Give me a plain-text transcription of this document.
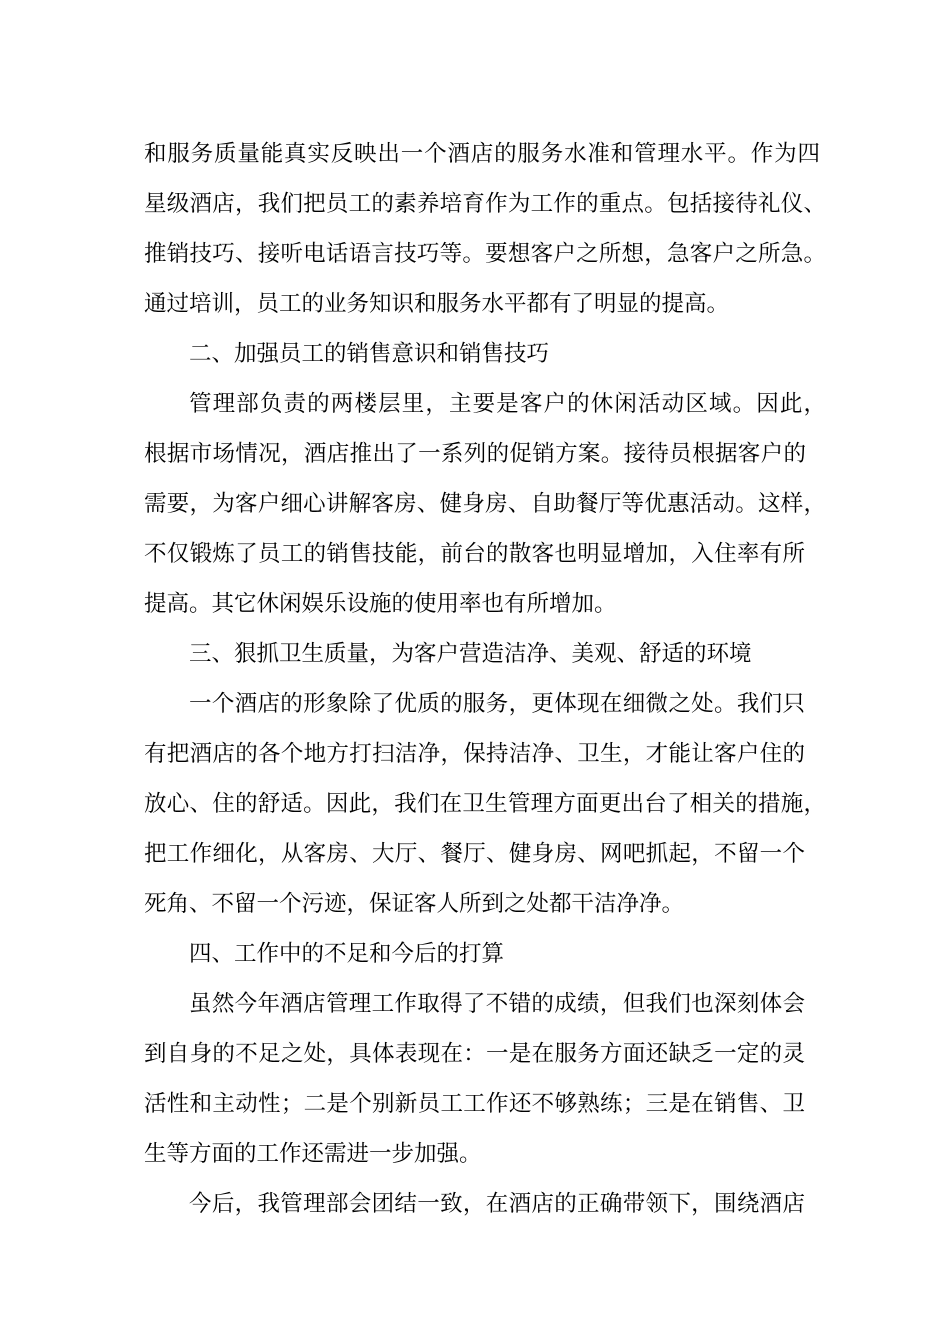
和服务质量能真实反映出一个酒店的服务水准和管理水平。作为四
星级酒店，我们把员工的素养培育作为工作的重点。包括接待礼仪、
推销技巧、接听电话语言技巧等。要想客户之所想，急客户之所急。
通过培训，员工的业务知识和服务水平都有了明显的提高。
二、加强员工的销售意识和销售技巧
管理部负责的两楼层里，主要是客户的休闲活动区域。因此，
根据市场情况，酒店推出了一系列的促销方案。接待员根据客户的
需要，为客户细心讲解客房、健身房、自助餐厅等优惠活动。这样，
不仅锻炼了员工的销售技能，前台的散客也明显增加，入住率有所
提高。其它休闲娱乐设施的使用率也有所增加。
三、狠抓卫生质量，为客户营造洁净、美观、舒适的环境
一个酒店的形象除了优质的服务，更体现在细微之处。我们只
有把酒店的各个地方打扫洁净，保持洁净、卫生，才能让客户住的
放心、住的舒适。因此，我们在卫生管理方面更出台了相关的措施，
把工作细化，从客房、大厅、餐厅、健身房、网吧抓起，不留一个
死角、不留一个污迹，保证客人所到之处都干洁净净。
四、工作中的不足和今后的打算
虽然今年酒店管理工作取得了不错的成绩，但我们也深刻体会
到自身的不足之处，具体表现在：一是在服务方面还缺乏一定的灵
活性和主动性；二是个别新员工工作还不够熟练；三是在销售、卫
生等方面的工作还需进一步加强。
今后，我管理部会团结一致，在酒店的正确带领下，围绕酒店
